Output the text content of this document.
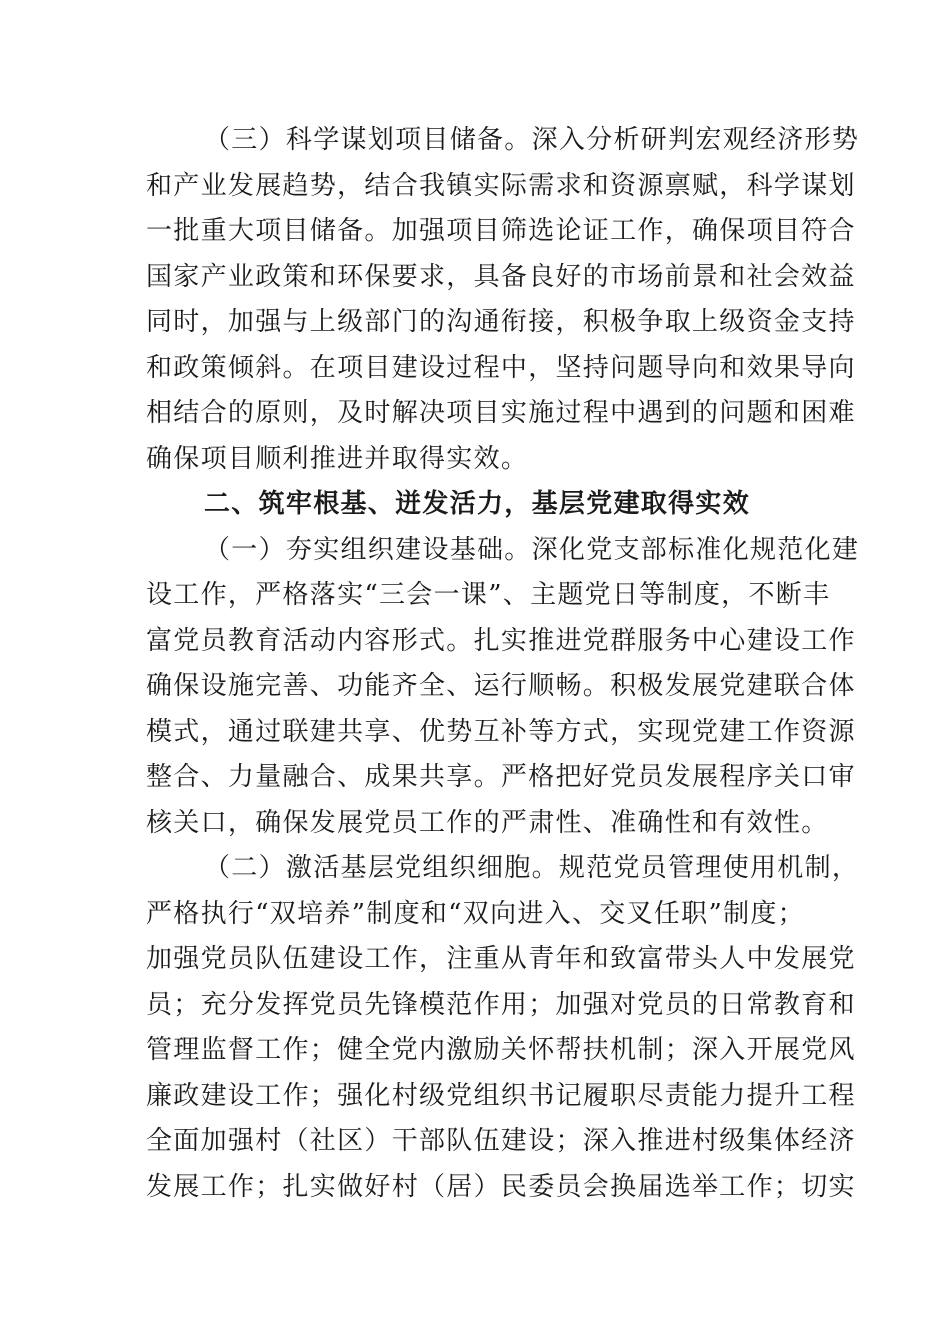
（三）科学谋划项目储备。深入分析研判宏观经济形势
和产业发展趋势，结合我镇实际需求和资源禀赋，科学谋划
一批重大项目储备。加强项目筛选论证工作，确保项目符合
国家产业政策和环保要求，具备良好的市场前景和社会效益
同时，加强与上级部门的沟通衔接，积极争取上级资金支持
和政策倾斜。在项目建设过程中，坚持问题导向和效果导向
相结合的原则，及时解决项目实施过程中遇到的问题和困难
确保项目顺利推进并取得实效。

二、筑牢根基、迸发活力，基层党建取得实效

（一）夯实组织建设基础。深化党支部标准化规范化建
设工作，严格落实“三会一课”、主题党日等制度，不断丰
富党员教育活动内容形式。扎实推进党群服务中心建设工作
确保设施完善、功能齐全、运行顺畅。积极发展党建联合体
模式，通过联建共享、优势互补等方式，实现党建工作资源
整合、力量融合、成果共享。严格把好党员发展程序关口审
核关口，确保发展党员工作的严肃性、准确性和有效性。

（二）激活基层党组织细胞。规范党员管理使用机制，
严格执行“双培养”制度和“双向进入、交叉任职”制度；
加强党员队伍建设工作，注重从青年和致富带头人中发展党
员；充分发挥党员先锋模范作用；加强对党员的日常教育和
管理监督工作；健全党内激励关怀帮扶机制；深入开展党风
廉政建设工作；强化村级党组织书记履职尽责能力提升工程
全面加强村（社区）干部队伍建设；深入推进村级集体经济
发展工作；扎实做好村（居）民委员会换届选举工作；切实
